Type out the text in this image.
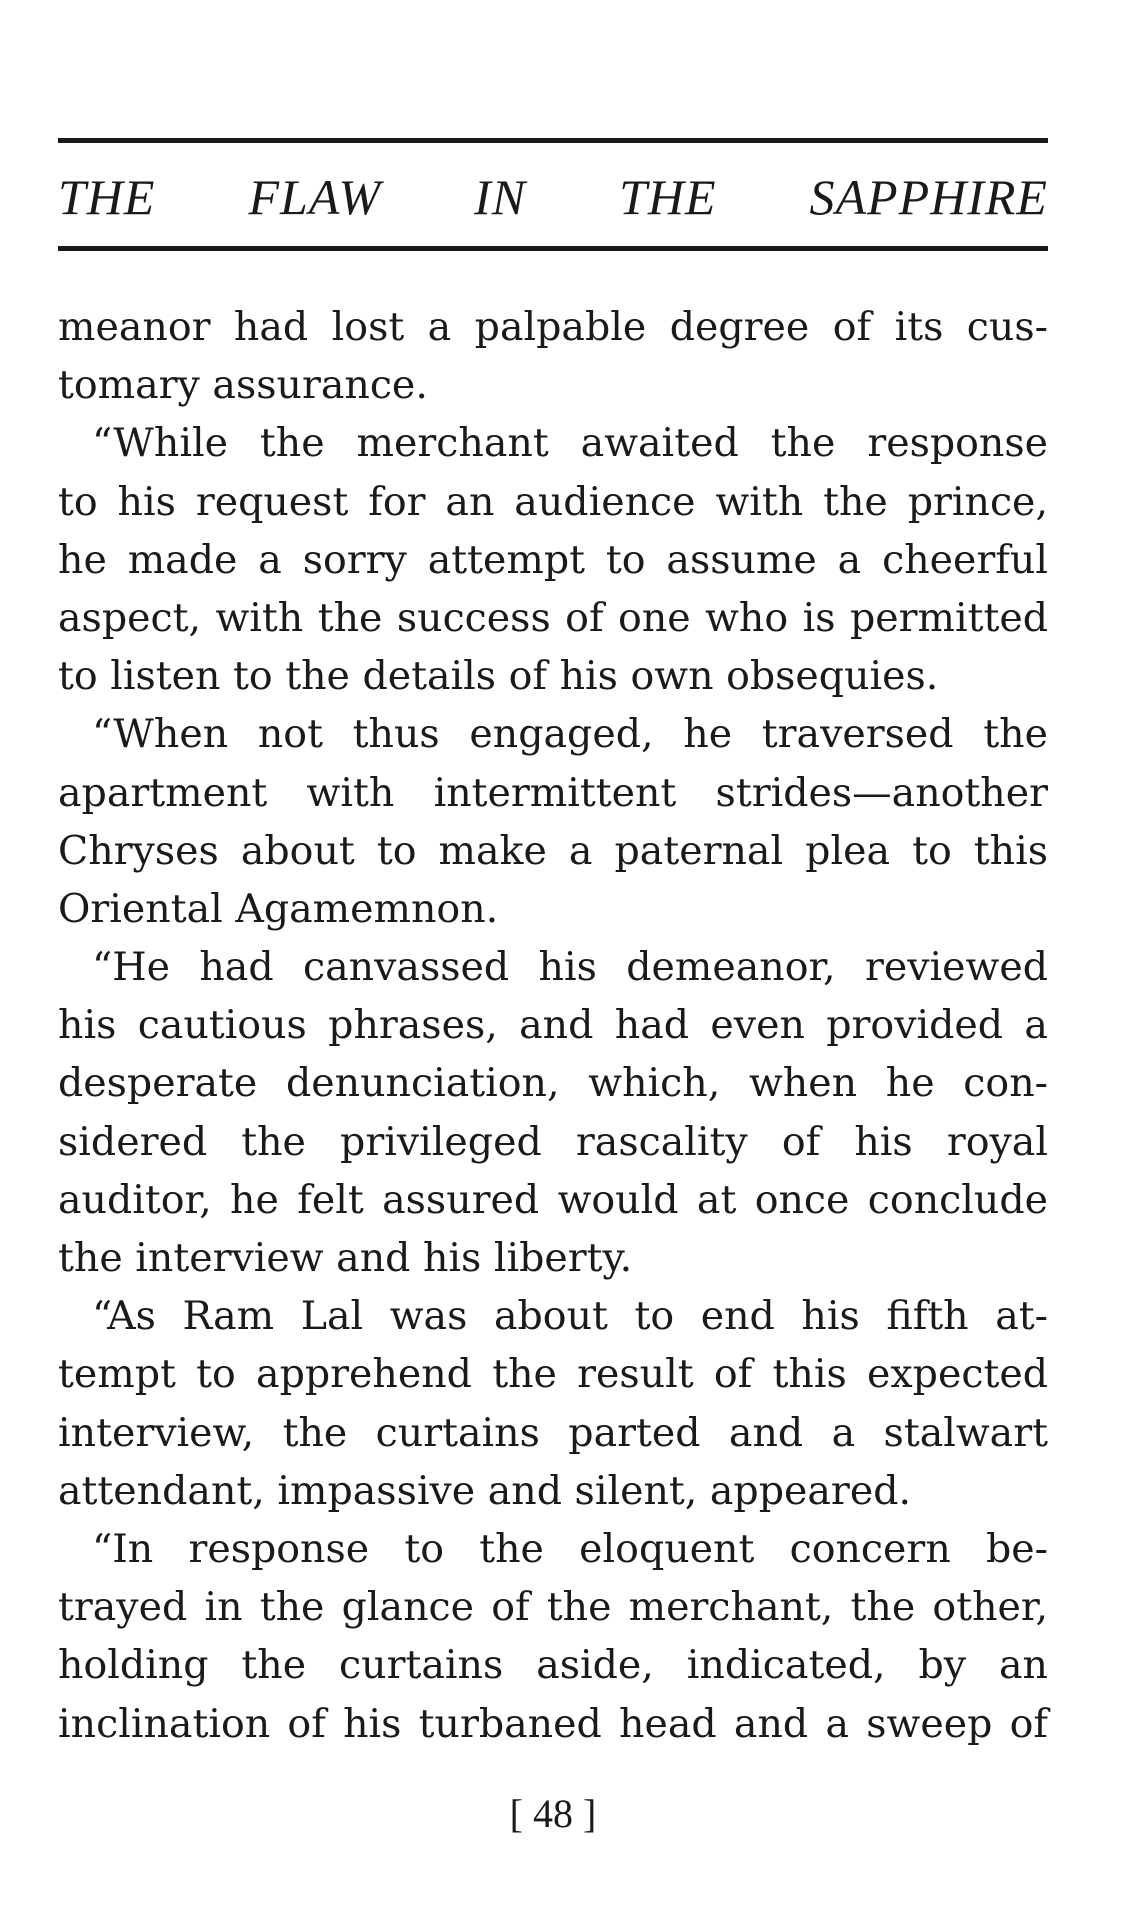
THE FLAW IN THE SAPPHIRE
meanor had lost a palpable degree of its cus-
tomary assurance.
“While the merchant awaited the response
to his request for an audience with the prince,
he made a sorry attempt to assume a cheerful
aspect, with the success of one who is permitted
to listen to the details of his own obsequies.
“When not thus engaged, he traversed the
apartment with intermittent strides—another
Chryses about to make a paternal plea to this
Oriental Agamemnon.
“He had canvassed his demeanor, reviewed
his cautious phrases, and had even provided a
desperate denunciation, which, when he con-
sidered the privileged rascality of his royal
auditor, he felt assured would at once conclude
the interview and his liberty.
“As Ram Lal was about to end his fifth at-
tempt to apprehend the result of this expected
interview, the curtains parted and a stalwart
attendant, impassive and silent, appeared.
“In response to the eloquent concern be-
trayed in the glance of the merchant, the other,
holding the curtains aside, indicated, by an
inclination of his turbaned head and a sweep of
[ 48 ]
